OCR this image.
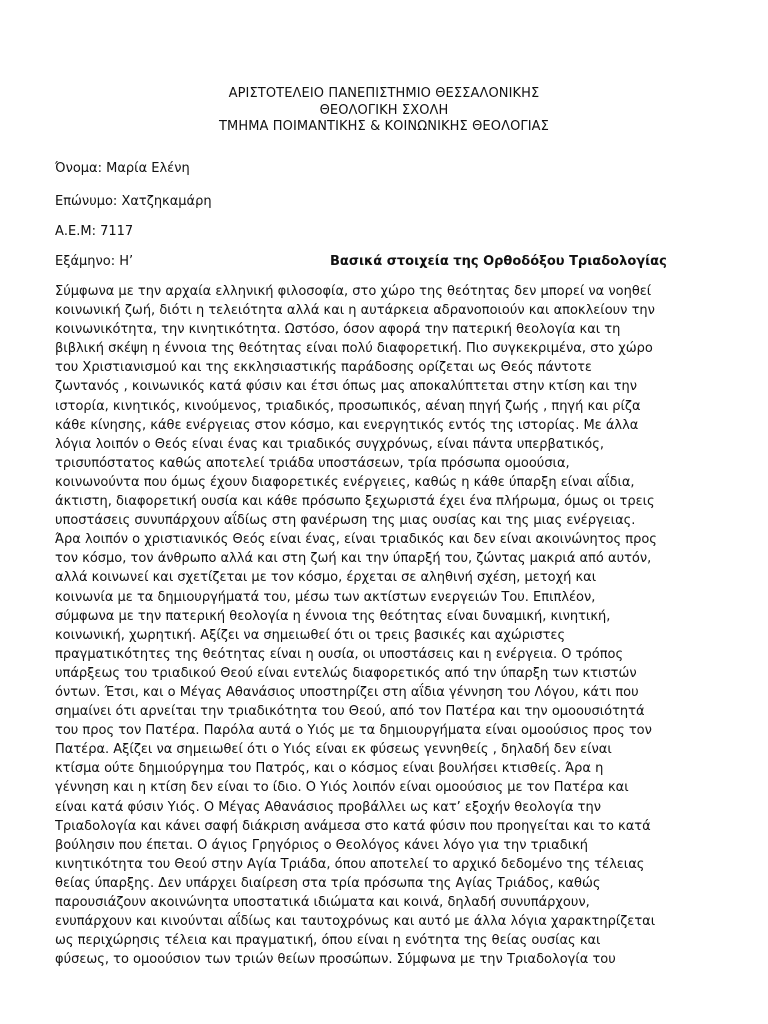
ΑΡΙΣΤΟΤΕΛΕΙΟ ΠΑΝΕΠΙΣΤΗΜΙΟ ΘΕΣΣΑΛΟΝΙΚΗΣ
ΘΕΟΛΟΓΙΚΗ ΣΧΟΛΗ
ΤΜΗΜΑ ΠΟΙΜΑΝΤΙΚΗΣ & ΚΟΙΝΩΝΙΚΗΣ ΘΕΟΛΟΓΙΑΣ
Όνομα: Μαρία Ελένη
Επώνυμο: Χατζηκαμάρη
Α.Ε.Μ: 7117
Εξάμηνο: Η’	Βασικά στοιχεία της Ορθοδόξου Τριαδολογίας
Σύμφωνα με την αρχαία ελληνική φιλοσοφία, στο χώρο της θεότητας δεν μπορεί να νοηθεί
κοινωνική ζωή, διότι η τελειότητα αλλά και η αυτάρκεια αδρανοποιούν και αποκλείουν την
κοινωνικότητα, την κινητικότητα. Ωστόσο, όσον αφορά την πατερική θεολογία και τη
βιβλική σκέψη η έννοια της θεότητας είναι πολύ διαφορετική. Πιο συγκεκριμένα, στο χώρο
του Χριστιανισμού και της εκκλησιαστικής παράδοσης ορίζεται ως Θεός πάντοτε
ζωντανός , κοινωνικός κατά φύσιν και έτσι όπως μας αποκαλύπτεται στην κτίση και την
ιστορία, κινητικός, κινούμενος, τριαδικός, προσωπικός, αέναη πηγή ζωής , πηγή και ρίζα
κάθε κίνησης, κάθε ενέργειας στον κόσμο, και ενεργητικός εντός της ιστορίας. Με άλλα
λόγια λοιπόν ο Θεός είναι ένας και τριαδικός συγχρόνως, είναι πάντα υπερβατικός,
τρισυπόστατος καθώς αποτελεί τριάδα υποστάσεων, τρία πρόσωπα ομοούσια,
κοινωνούντα που όμως έχουν διαφορετικές ενέργειες, καθώς η κάθε ύπαρξη είναι αΐδια,
άκτιστη, διαφορετική ουσία και κάθε πρόσωπο ξεχωριστά έχει ένα πλήρωμα, όμως οι τρεις
υποστάσεις συνυπάρχουν αΐδίως στη φανέρωση της μιας ουσίας και της μιας ενέργειας.
Άρα λοιπόν ο χριστιανικός Θεός είναι ένας, είναι τριαδικός και δεν είναι ακοινώνητος προς
τον κόσμο, τον άνθρωπο αλλά και στη ζωή και την ύπαρξή του, ζώντας μακριά από αυτόν,
αλλά κοινωνεί και σχετίζεται με τον κόσμο, έρχεται σε αληθινή σχέση, μετοχή και
κοινωνία με τα δημιουργήματά του, μέσω των ακτίστων ενεργειών Του. Επιπλέον,
σύμφωνα με την πατερική θεολογία η έννοια της θεότητας είναι δυναμική, κινητική,
κοινωνική, χωρητική. Αξίζει να σημειωθεί ότι οι τρεις βασικές και αχώριστες
πραγματικότητες της θεότητας είναι η ουσία, οι υποστάσεις και η ενέργεια. Ο τρόπος
υπάρξεως του τριαδικού Θεού είναι εντελώς διαφορετικός από την ύπαρξη των κτιστών
όντων. Έτσι, και ο Μέγας Αθανάσιος υποστηρίζει στη αΐδια γέννηση του Λόγου, κάτι που
σημαίνει ότι αρνείται την τριαδικότητα του Θεού, από τον Πατέρα και την ομοουσιότητά
του προς τον Πατέρα. Παρόλα αυτά ο Υιός με τα δημιουργήματα είναι ομοούσιος προς τον
Πατέρα. Αξίζει να σημειωθεί ότι ο Υιός είναι εκ φύσεως γεννηθείς , δηλαδή δεν είναι
κτίσμα ούτε δημιούργημα του Πατρός, και ο κόσμος είναι βουλήσει κτισθείς. Άρα η
γέννηση και η κτίση δεν είναι το ίδιο. Ο Υιός λοιπόν είναι ομοούσιος με τον Πατέρα και
είναι κατά φύσιν Υιός. Ο Μέγας Αθανάσιος προβάλλει ως κατ’ εξοχήν θεολογία την
Τριαδολογία και κάνει σαφή διάκριση ανάμεσα στο κατά φύσιν που προηγείται και το κατά
βούλησιν που έπεται. Ο άγιος Γρηγόριος ο Θεολόγος κάνει λόγο για την τριαδική
κινητικότητα του Θεού στην Αγία Τριάδα, όπου αποτελεί το αρχικό δεδομένο της τέλειας
θείας ύπαρξης. Δεν υπάρχει διαίρεση στα τρία πρόσωπα της Αγίας Τριάδος, καθώς
παρουσιάζουν ακοινώνητα υποστατικά ιδιώματα και κοινά, δηλαδή συνυπάρχουν,
ενυπάρχουν και κινούνται αΐδίως και ταυτοχρόνως και αυτό με άλλα λόγια χαρακτηρίζεται
ως περιχώρησις τέλεια και πραγματική, όπου είναι η ενότητα της θείας ουσίας και
φύσεως, το ομοούσιον των τριών θείων προσώπων. Σύμφωνα με την Τριαδολογία του
